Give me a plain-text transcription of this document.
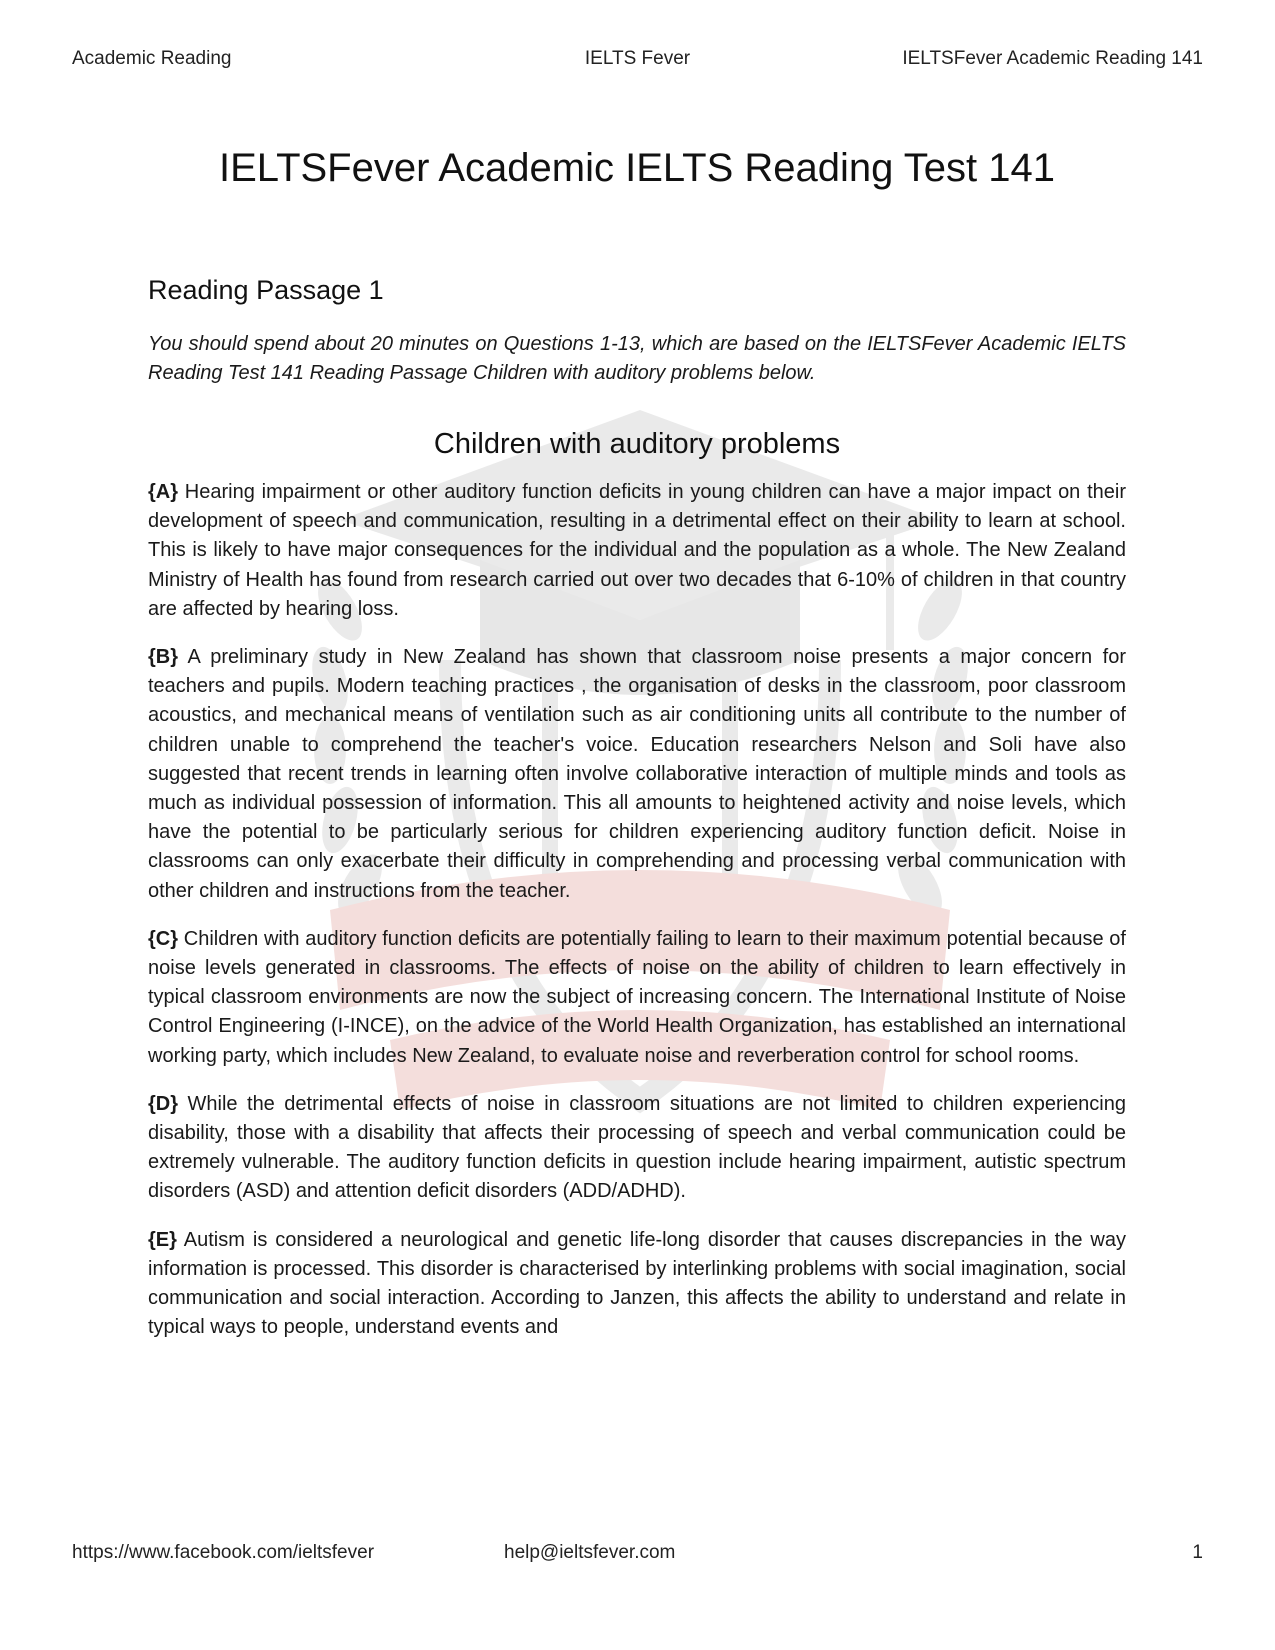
Academic Reading	IELTS Fever	IELTSFever Academic Reading 141
IELTSFever Academic IELTS Reading Test 141
Reading Passage 1

You should spend about 20 minutes on Questions 1-13, which are based on the IELTSFever Academic IELTS Reading Test 141 Reading Passage Children with auditory problems below.

Children with auditory problems

{A} Hearing impairment or other auditory function deficits in young children can have a major impact on their development of speech and communication, resulting in a detrimental effect on their ability to learn at school. This is likely to have major consequences for the individual and the population as a whole. The New Zealand Ministry of Health has found from research carried out over two decades that 6-10% of children in that country are affected by hearing loss.

{B} A preliminary study in New Zealand has shown that classroom noise presents a major concern for teachers and pupils. Modern teaching practices , the organisation of desks in the classroom, poor classroom acoustics, and mechanical means of ventilation such as air conditioning units all contribute to the number of children unable to comprehend the teacher's voice. Education researchers Nelson and Soli have also suggested that recent trends in learning often involve collaborative interaction of multiple minds and tools as much as individual possession of information. This all amounts to heightened activity and noise levels, which have the potential to be particularly serious for children experiencing auditory function deficit. Noise in classrooms can only exacerbate their difficulty in comprehending and processing verbal communication with other children and instructions from the teacher.

{C} Children with auditory function deficits are potentially failing to learn to their maximum potential because of noise levels generated in classrooms. The effects of noise on the ability of children to learn effectively in typical classroom environments are now the subject of increasing concern. The International Institute of Noise Control Engineering (I-INCE), on the advice of the World Health Organization, has established an international working party, which includes New Zealand, to evaluate noise and reverberation control for school rooms.

{D} While the detrimental effects of noise in classroom situations are not limited to children experiencing disability, those with a disability that affects their processing of speech and verbal communication could be extremely vulnerable. The auditory function deficits in question include hearing impairment, autistic spectrum disorders (ASD) and attention deficit disorders (ADD/ADHD).

{E} Autism is considered a neurological and genetic life-long disorder that causes discrepancies in the way information is processed. This disorder is characterised by interlinking problems with social imagination, social communication and social interaction. According to Janzen, this affects the ability to understand and relate in typical ways to people, understand events and

https://www.facebook.com/ieltsfever	help@ieltsfever.com	1
